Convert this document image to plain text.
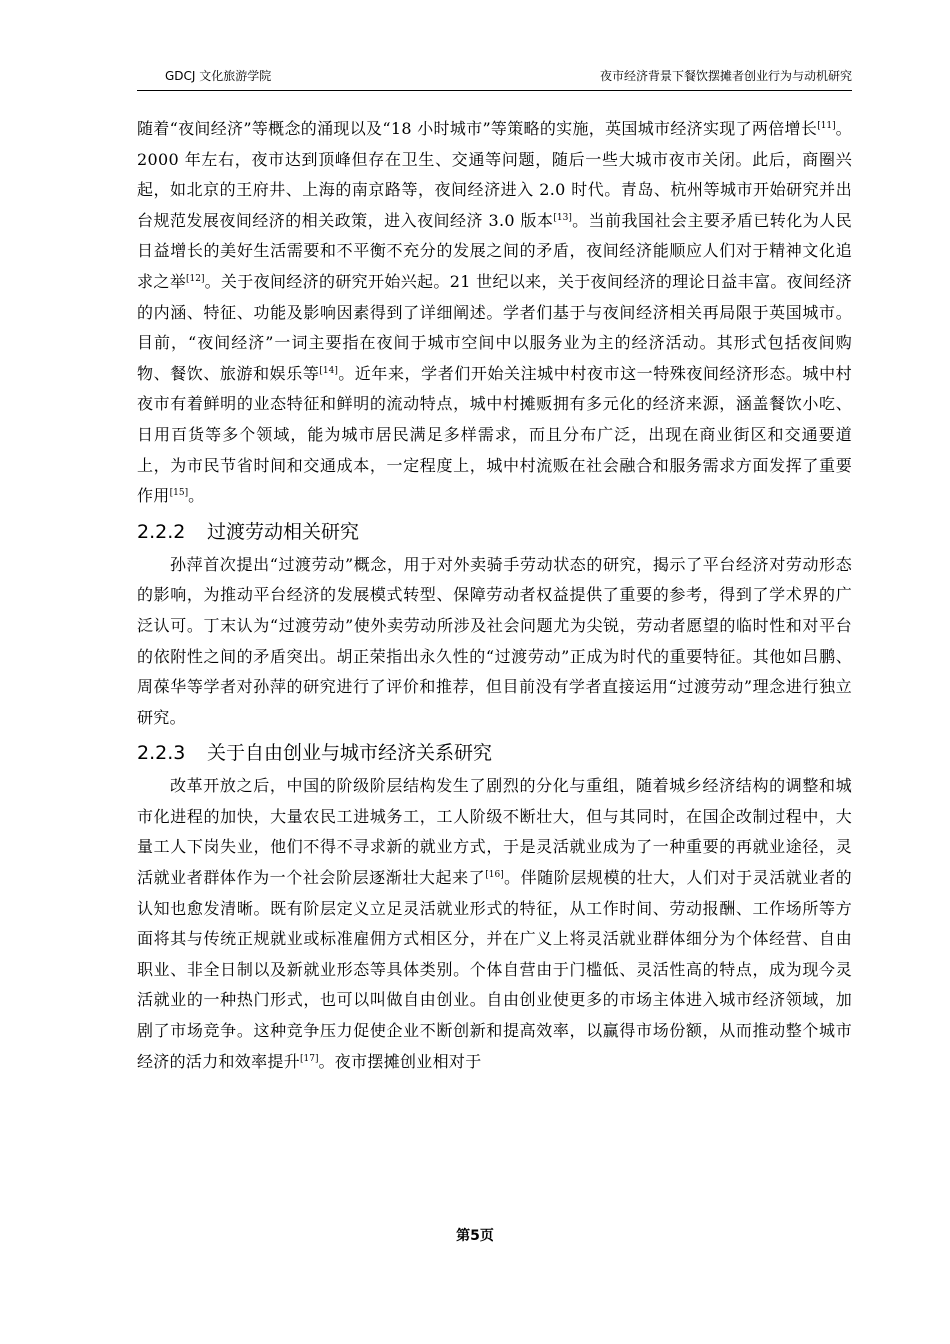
GDCJ 文化旅游学院	夜市经济背景下餐饮摆摊者创业行为与动机研究

随着“夜间经济”等概念的涌现以及“18 小时城市”等策略的实施，英国城市经济实现了两倍增长[11]。2000 年左右，夜市达到顶峰但存在卫生、交通等问题，随后一些大城市夜市关闭。此后，商圈兴起，如北京的王府井、上海的南京路等，夜间经济进入 2.0 时代。青岛、杭州等城市开始研究并出台规范发展夜间经济的相关政策，进入夜间经济 3.0 版本[13]。当前我国社会主要矛盾已转化为人民日益增长的美好生活需要和不平衡不充分的发展之间的矛盾，夜间经济能顺应人们对于精神文化追求之举[12]。关于夜间经济的研究开始兴起。21 世纪以来，关于夜间经济的理论日益丰富。夜间经济的内涵、特征、功能及影响因素得到了详细阐述。学者们基于与夜间经济相关再局限于英国城市。目前，“夜间经济”一词主要指在夜间于城市空间中以服务业为主的经济活动。其形式包括夜间购物、餐饮、旅游和娱乐等[14]。近年来，学者们开始关注城中村夜市这一特殊夜间经济形态。城中村夜市有着鲜明的业态特征和鲜明的流动特点，城中村摊贩拥有多元化的经济来源，涵盖餐饮小吃、日用百货等多个领域，能为城市居民满足多样需求，而且分布广泛，出现在商业街区和交通要道上，为市民节省时间和交通成本，一定程度上，城中村流贩在社会融合和服务需求方面发挥了重要作用[15]。

2.2.2 过渡劳动相关研究

孙萍首次提出“过渡劳动”概念，用于对外卖骑手劳动状态的研究，揭示了平台经济对劳动形态的影响，为推动平台经济的发展模式转型、保障劳动者权益提供了重要的参考，得到了学术界的广泛认可。丁末认为“过渡劳动”使外卖劳动所涉及社会问题尤为尖锐，劳动者愿望的临时性和对平台的依附性之间的矛盾突出。胡正荣指出永久性的“过渡劳动”正成为时代的重要特征。其他如吕鹏、周葆华等学者对孙萍的研究进行了评价和推荐，但目前没有学者直接运用“过渡劳动”理念进行独立研究。

2.2.3 关于自由创业与城市经济关系研究

改革开放之后，中国的阶级阶层结构发生了剧烈的分化与重组，随着城乡经济结构的调整和城市化进程的加快，大量农民工进城务工，工人阶级不断壮大，但与其同时，在国企改制过程中，大量工人下岗失业，他们不得不寻求新的就业方式，于是灵活就业成为了一种重要的再就业途径，灵活就业者群体作为一个社会阶层逐渐壮大起来了[16]。伴随阶层规模的壮大，人们对于灵活就业者的认知也愈发清晰。既有阶层定义立足灵活就业形式的特征，从工作时间、劳动报酬、工作场所等方面将其与传统正规就业或标准雇佣方式相区分，并在广义上将灵活就业群体细分为个体经营、自由职业、非全日制以及新就业形态等具体类别。个体自营由于门槛低、灵活性高的特点，成为现今灵活就业的一种热门形式，也可以叫做自由创业。自由创业使更多的市场主体进入城市经济领域，加剧了市场竞争。这种竞争压力促使企业不断创新和提高效率，以赢得市场份额，从而推动整个城市经济的活力和效率提升[17]。夜市摆摊创业相对于

第5页
